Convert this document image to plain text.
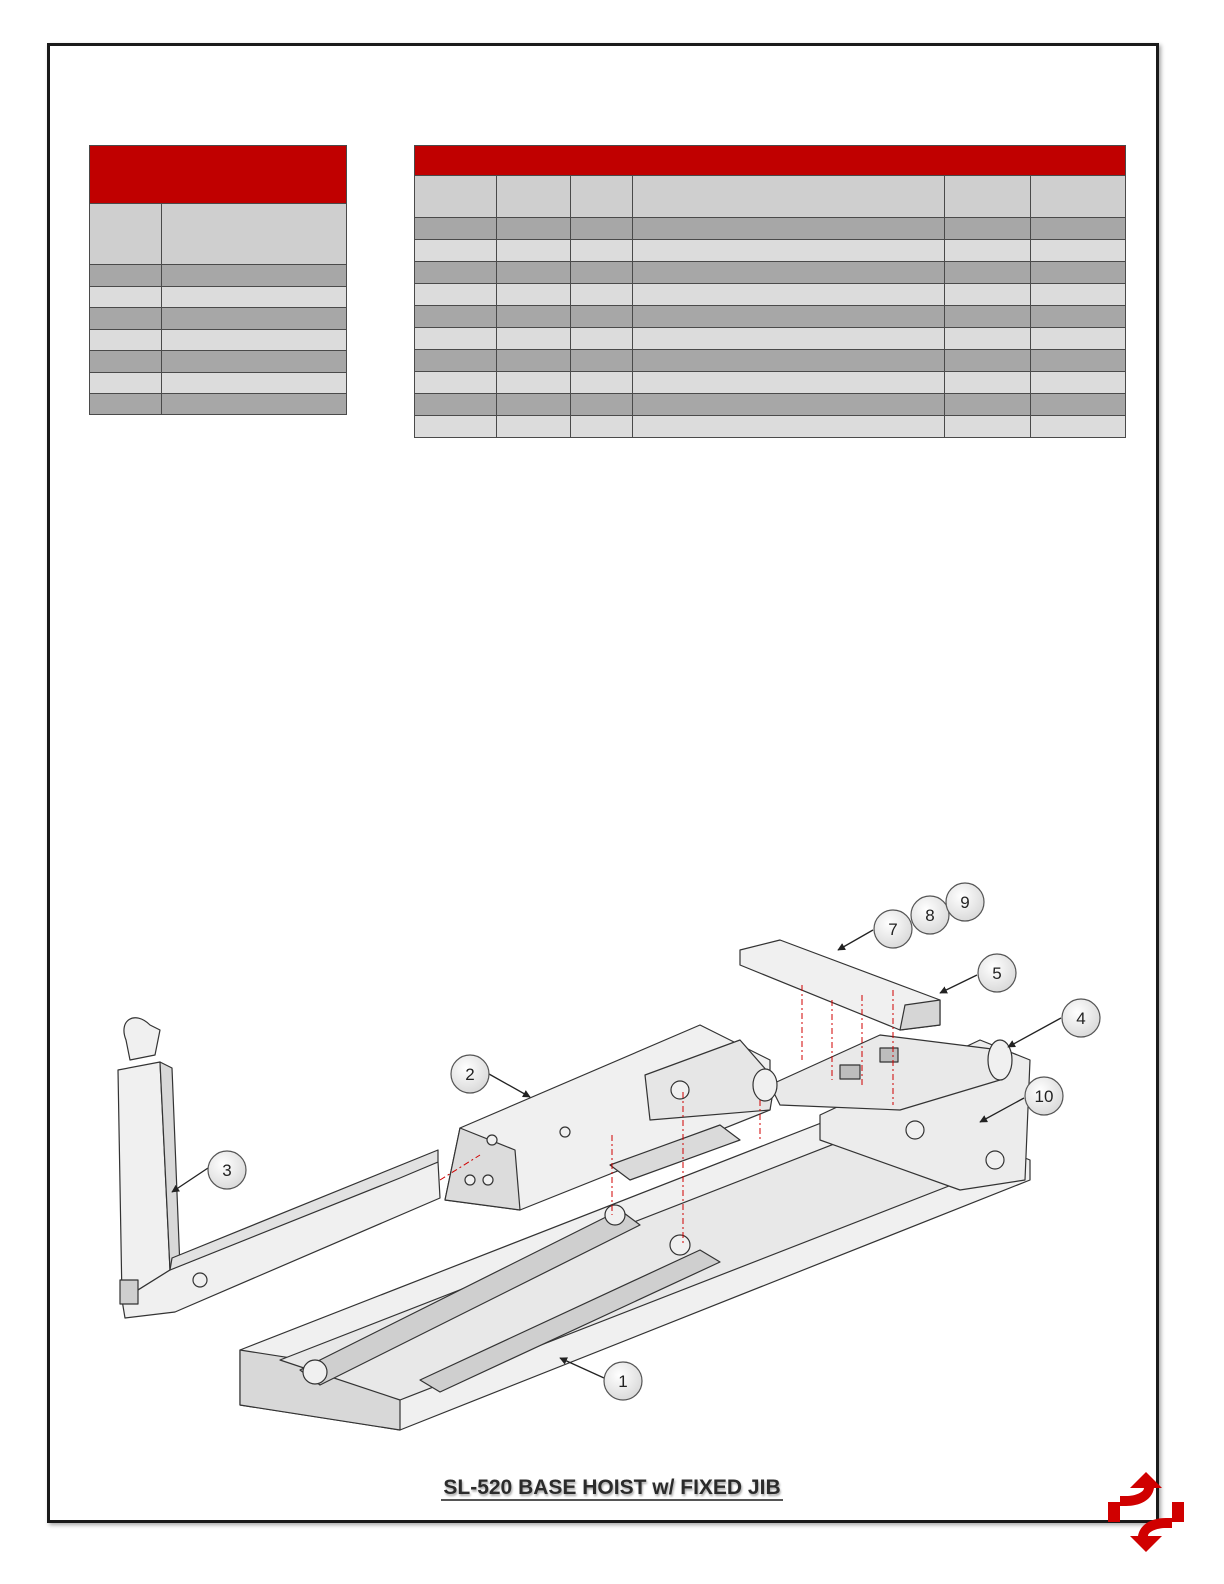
1
2
3
4
5
7
8
9
10
SL-520 BASE HOIST w/ FIXED JIB
